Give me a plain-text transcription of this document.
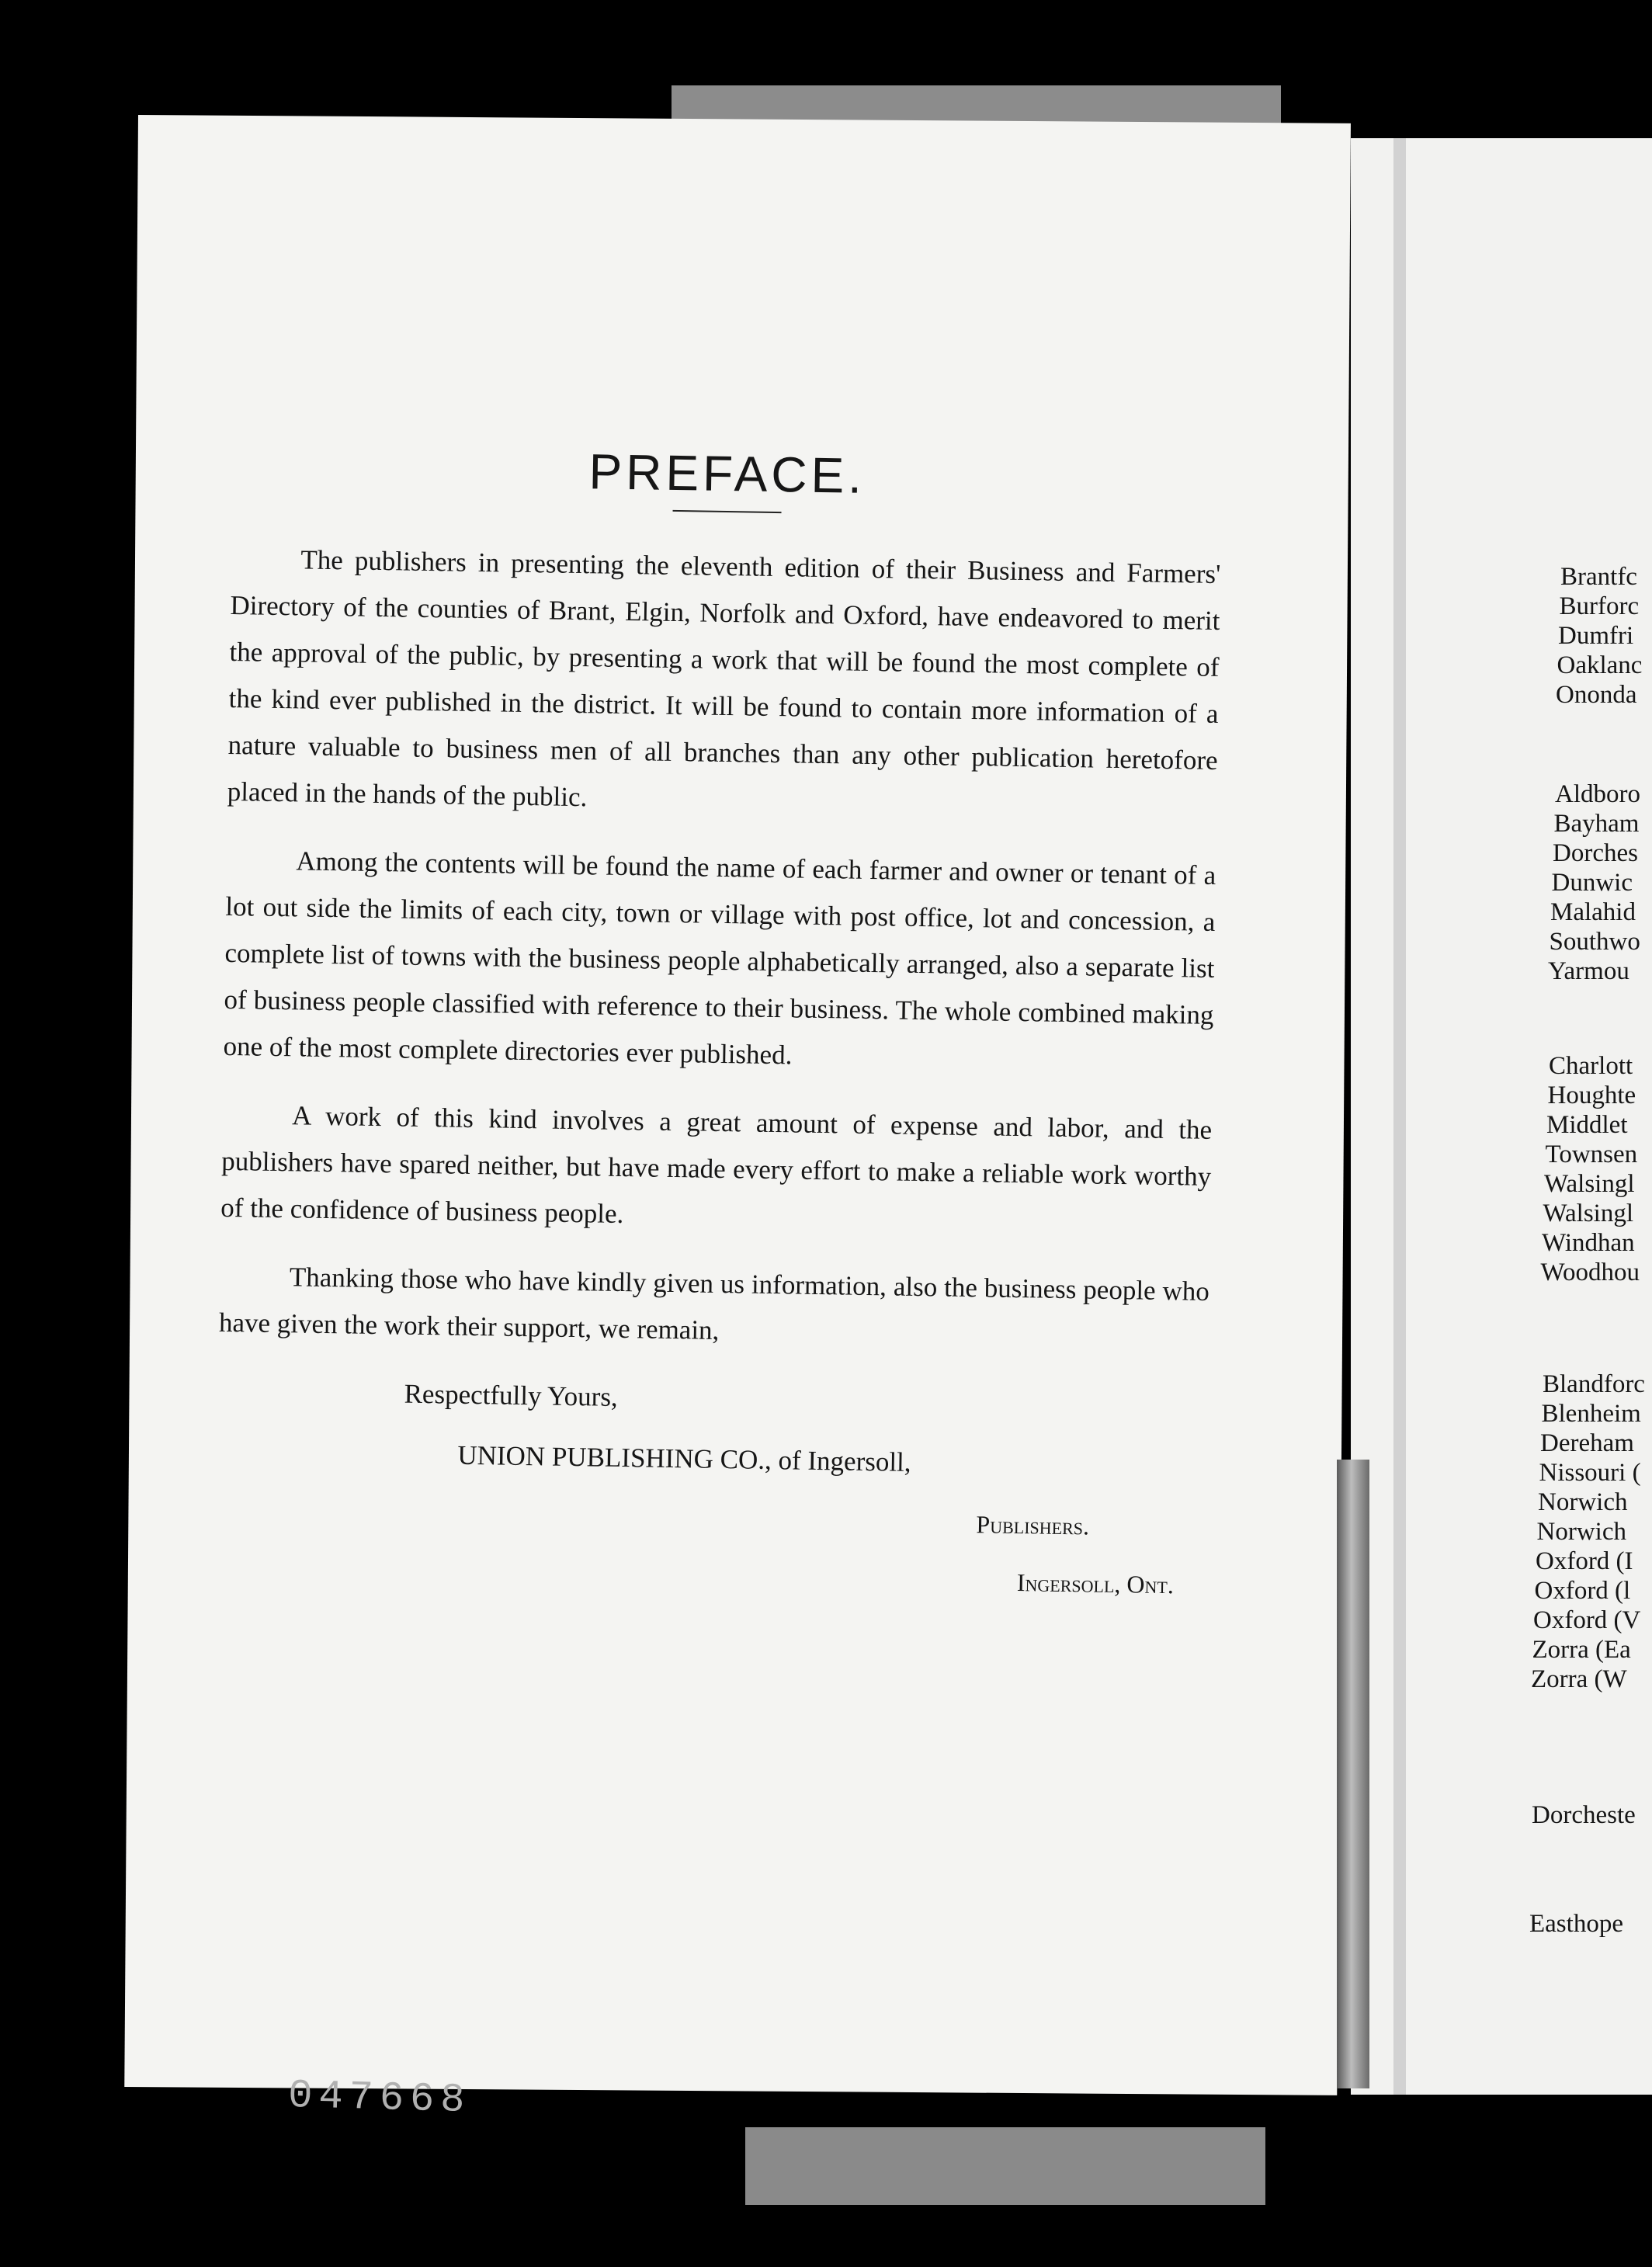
PREFACE.

The publishers in presenting the eleventh edition of their Business and Farmers' Directory of the counties of Brant, Elgin, Norfolk and Oxford, have endeavored to merit the approval of the public, by presenting a work that will be found the most complete of the kind ever published in the district. It will be found to contain more information of a nature valuable to business men of all branches than any other publication heretofore placed in the hands of the public.

Among the contents will be found the name of each farmer and owner or tenant of a lot out side the limits of each city, town or village with post office, lot and concession, a complete list of towns with the business people alphabetically arranged, also a separate list of business people classified with reference to their business. The whole combined making one of the most complete directories ever published.

A work of this kind involves a great amount of expense and labor, and the publishers have spared neither, but have made every effort to make a reliable work worthy of the confidence of business people.

Thanking those who have kindly given us information, also the business people who have given the work their support, we remain,

Respectfully Yours,
UNION PUBLISHING CO., of Ingersoll,
Publishers.
Ingersoll, Ont.
047668
Brantfc
Burforc
Dumfri
Oaklanc
Ononda
Aldboro
Bayham
Dorches
Dunwic
Malahid
Southwo
Yarmou
Charlott
Houghte
Middlet
Townsen
Walsingl
Walsingl
Windhan
Woodhou
Blandforc
Blenheim
Dereham
Nissouri (
Norwich
Norwich
Oxford (I
Oxford (l
Oxford (V
Zorra (Ea
Zorra (W
Dorcheste
Easthope
